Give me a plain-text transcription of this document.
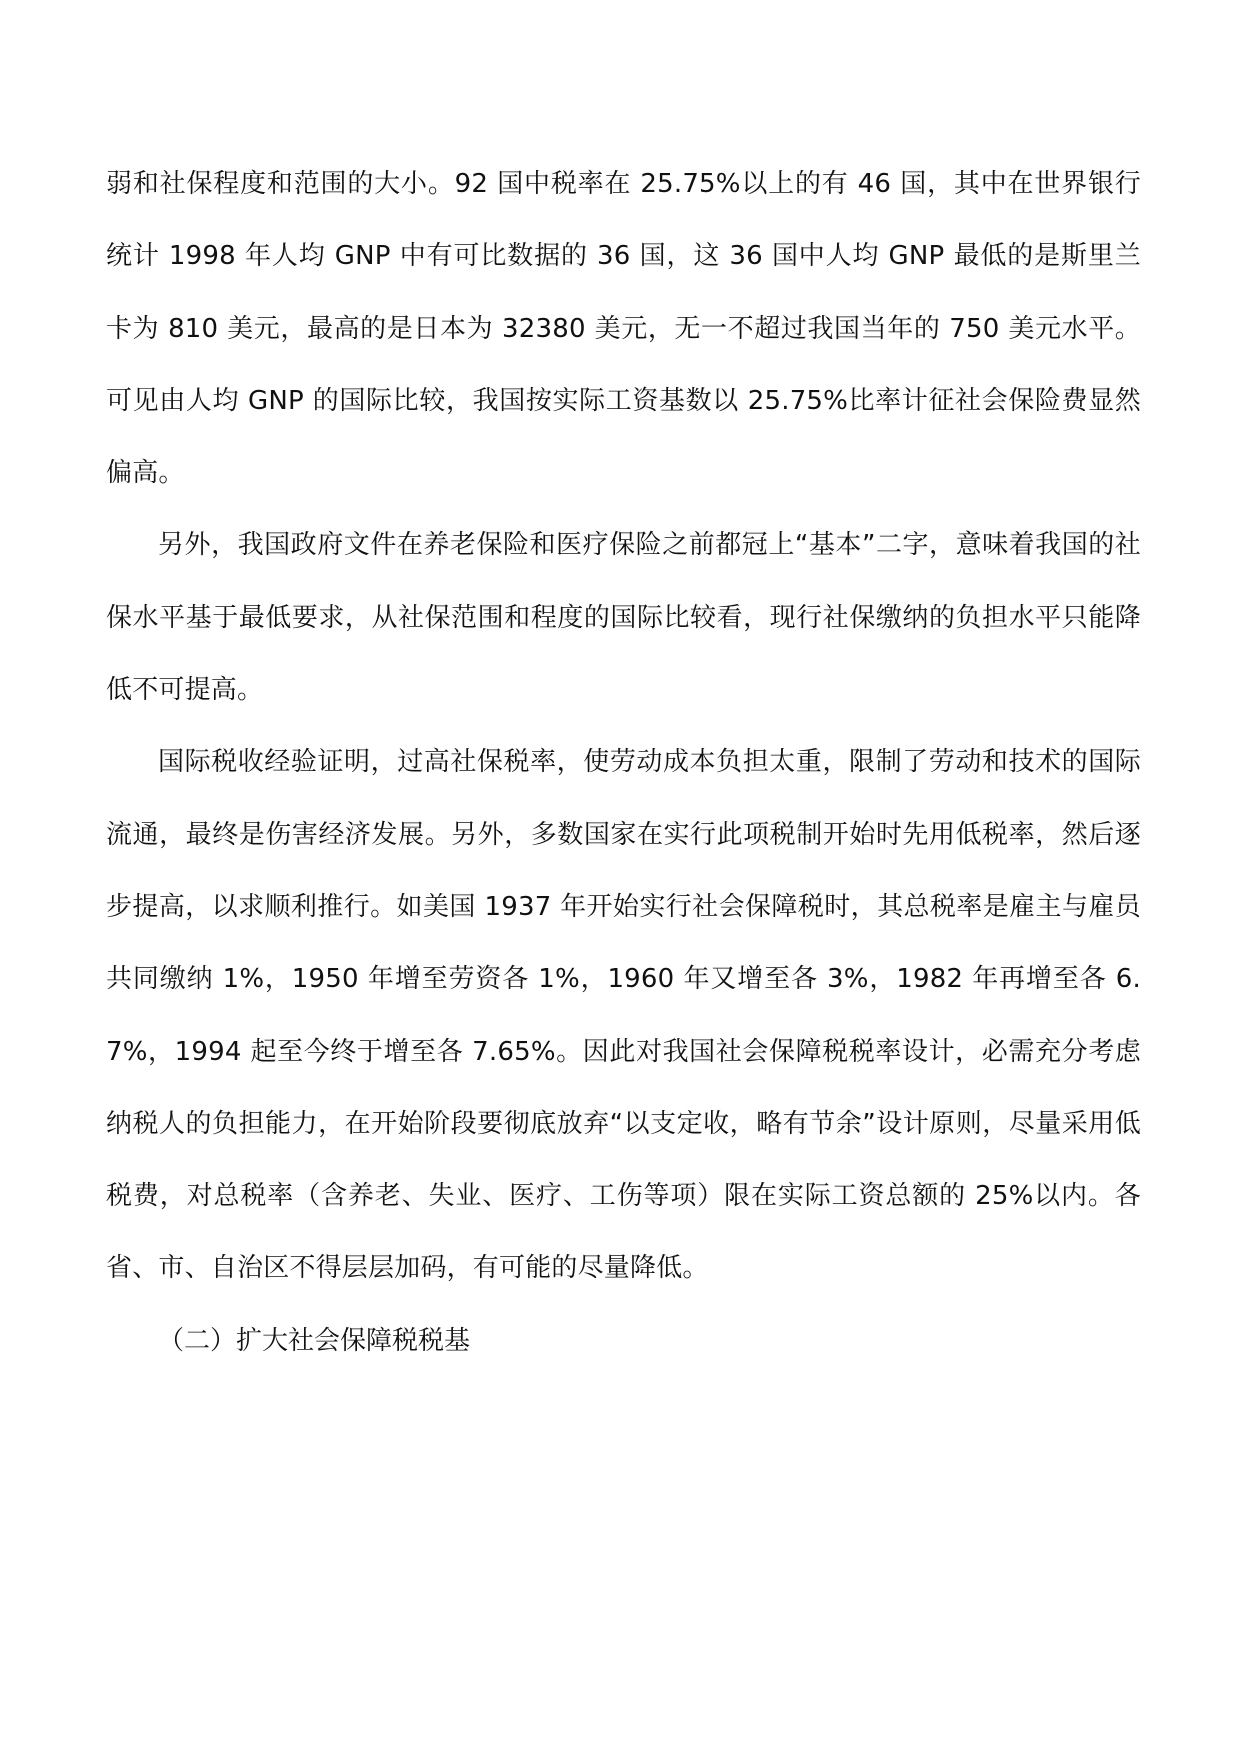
弱和社保程度和范围的大小。92 国中税率在 25.75%以上的有 46 国，其中在世界银行统计 1998 年人均 GNP 中有可比数据的 36 国，这 36 国中人均 GNP 最低的是斯里兰卡为 810 美元，最高的是日本为 32380 美元，无一不超过我国当年的 750 美元水平。可见由人均 GNP 的国际比较，我国按实际工资基数以 25.75%比率计征社会保险费显然偏高。

另外，我国政府文件在养老保险和医疗保险之前都冠上“基本”二字，意味着我国的社保水平基于最低要求，从社保范围和程度的国际比较看，现行社保缴纳的负担水平只能降低不可提高。

国际税收经验证明，过高社保税率，使劳动成本负担太重，限制了劳动和技术的国际流通，最终是伤害经济发展。另外，多数国家在实行此项税制开始时先用低税率，然后逐步提高，以求顺利推行。如美国 1937 年开始实行社会保障税时，其总税率是雇主与雇员共同缴纳 1%，1950 年增至劳资各 1%，1960 年又增至各 3%，1982 年再增至各 6.7%，1994 起至今终于增至各 7.65%。因此对我国社会保障税税率设计，必需充分考虑纳税人的负担能力，在开始阶段要彻底放弃“以支定收，略有节余”设计原则，尽量采用低税费，对总税率（含养老、失业、医疗、工伤等项）限在实际工资总额的 25%以内。各省、市、自治区不得层层加码，有可能的尽量降低。

（二）扩大社会保障税税基
